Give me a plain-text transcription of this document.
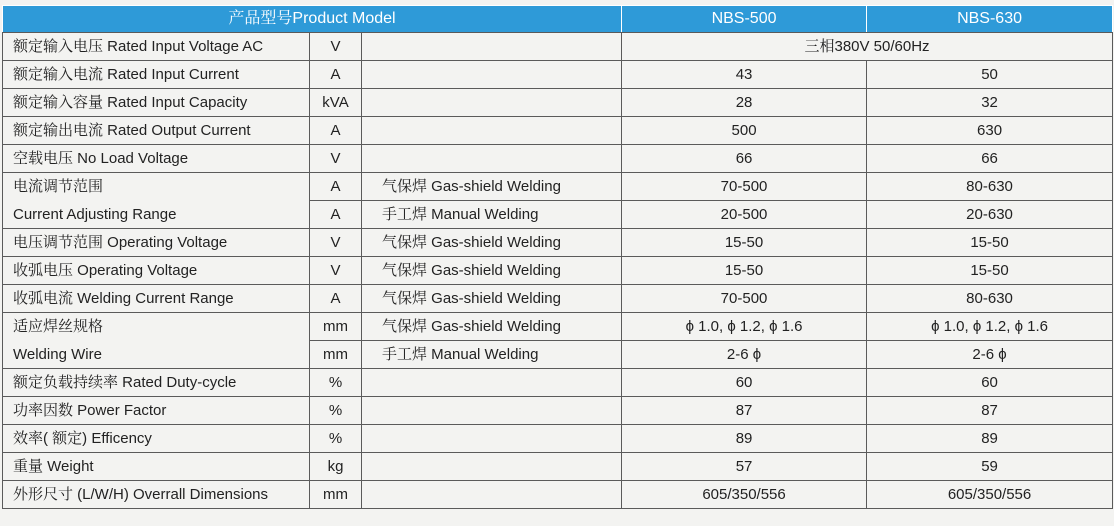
产品型号Product Model			NBS-500	NBS-630
额定输入电压 Rated Input Voltage AC	V		三相380V 50/60Hz	
额定输入电流 Rated Input Current	A		43	50
额定输入容量 Rated Input Capacity	kVA		28	32
额定输出电流 Rated Output Current	A		500	630
空载电压 No Load Voltage	V		66	66
电流调节范围	A	气保焊 Gas-shield Welding	70-500	80-630
Current Adjusting Range	A	手工焊 Manual Welding	20-500	20-630
电压调节范围 Operating Voltage	V	气保焊 Gas-shield Welding	15-50	15-50
收弧电压 Operating Voltage	V	气保焊 Gas-shield Welding	15-50	15-50
收弧电流 Welding Current Range	A	气保焊 Gas-shield Welding	70-500	80-630
适应焊丝规格	mm	气保焊 Gas-shield Welding	ϕ 1.0, ϕ 1.2, ϕ 1.6	ϕ 1.0, ϕ 1.2, ϕ 1.6
Welding Wire	mm	手工焊 Manual Welding	2-6 ϕ	2-6 ϕ
额定负载持续率 Rated Duty-cycle	%		60	60
功率因数 Power Factor	%		87	87
效率( 额定) Efficency	%		89	89
重量 Weight	kg		57	59
外形尺寸 (L/W/H) Overrall Dimensions	mm		605/350/556	605/350/556
